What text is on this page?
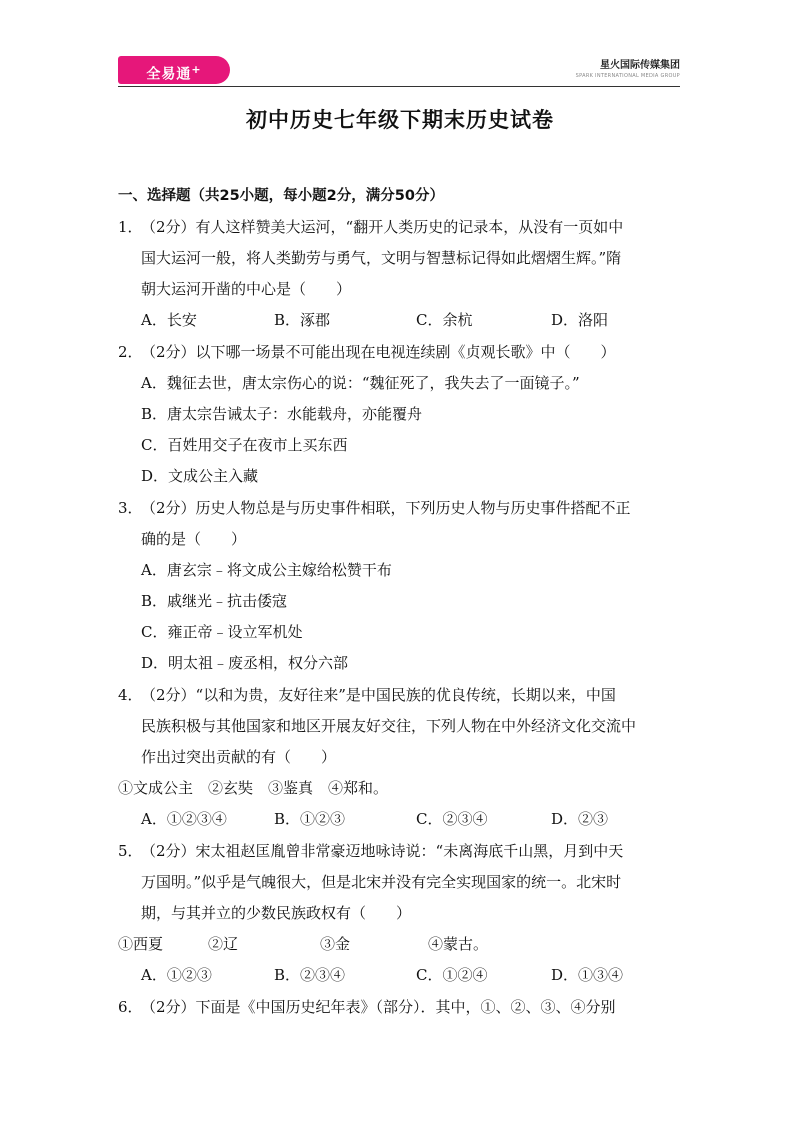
全易通+	星火国际传媒集团
SPARK INTERNATIONAL MEDIA GROUP
初中历史七年级下期末历史试卷
一、选择题（共25小题，每小题2分，满分50分）
1．
（2分）有人这样赞美大运河，“翻开人类历史的记录本，从没有一页如中
国大运河一般，将人类勤劳与勇气，文明与智慧标记得如此熠熠生辉。”隋
朝大运河开凿的中心是（　　）
A．长安	B．涿郡	C．余杭	D．洛阳
2．
（2分）以下哪一场景不可能出现在电视连续剧《贞观长歌》中（　　）
A．魏征去世，唐太宗伤心的说：“魏征死了，我失去了一面镜子。”
B．唐太宗告诫太子：水能载舟，亦能覆舟
C．百姓用交子在夜市上买东西
D．文成公主入藏
3．
（2分）历史人物总是与历史事件相联，下列历史人物与历史事件搭配不正
确的是（　　）
A．唐玄宗﹣将文成公主嫁给松赞干布
B．戚继光﹣抗击倭寇
C．雍正帝﹣设立军机处
D．明太祖﹣废丞相，权分六部
4．
（2分）“以和为贵，友好往来”是中国民族的优良传统，长期以来，中国
民族积极与其他国家和地区开展友好交往，下列人物在中外经济文化交流中
作出过突出贡献的有（　　）
①文成公主　②玄奘　③鉴真　④郑和。
A．①②③④	B．①②③	C．②③④	D．②③
5．
（2分）宋太祖赵匡胤曾非常豪迈地咏诗说：“未离海底千山黑，月到中天
万国明。”似乎是气魄很大，但是北宋并没有完全实现国家的统一。北宋时
期，与其并立的少数民族政权有（　　）
①西夏	②辽	③金	④蒙古。
A．①②③	B．②③④	C．①②④	D．①③④
6．
（2分）下面是《中国历史纪年表》（部分）．其中，①、②、③、④分别
